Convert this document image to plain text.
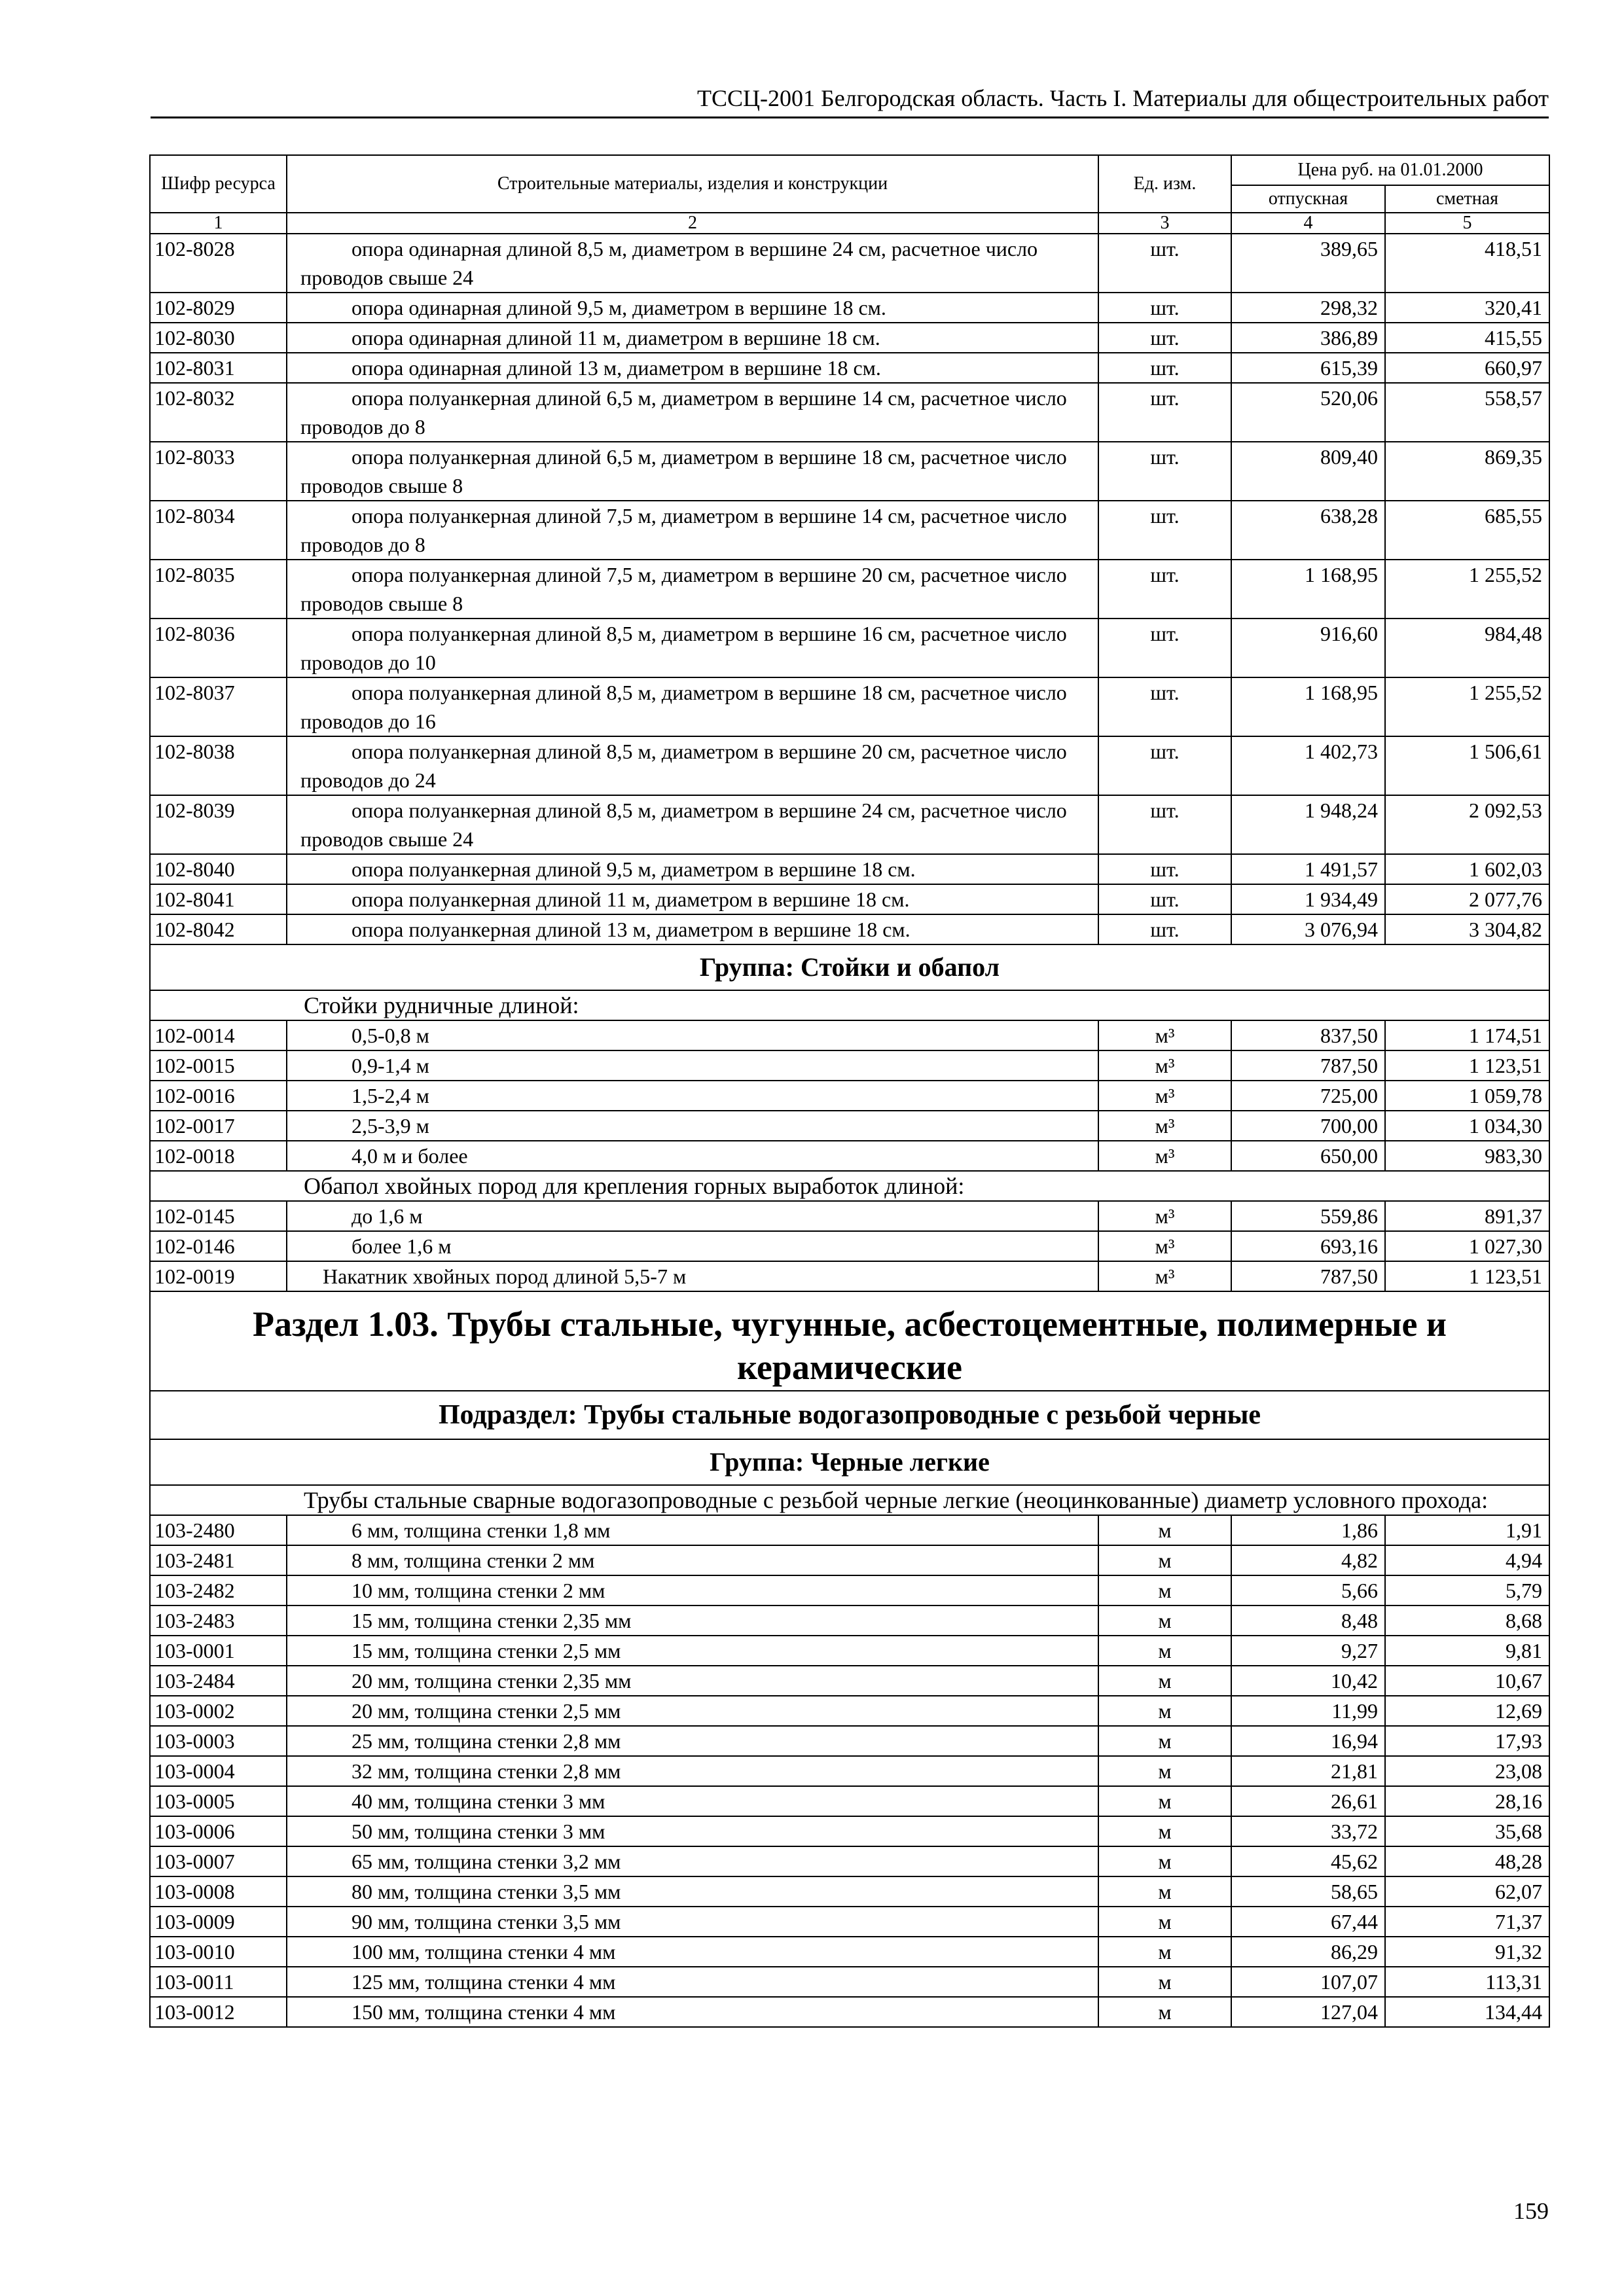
ТССЦ-2001 Белгородская область. Часть I. Материалы для общестроительных работ
Шифр ресурса	Строительные материалы, изделия и конструкции	Ед. изм.	Цена руб. на 01.01.2000	
			отпускная	сметная
1	2	3	4	5
102-8028	опора одинарная длиной 8,5 м, диаметром в вершине 24 см, расчетное число проводов свыше 24	шт.	389,65	418,51
102-8029	опора одинарная длиной 9,5 м, диаметром в вершине 18 см.	шт.	298,32	320,41
102-8030	опора одинарная длиной 11 м, диаметром в вершине 18 см.	шт.	386,89	415,55
102-8031	опора одинарная длиной 13 м, диаметром в вершине 18 см.	шт.	615,39	660,97
102-8032	опора полуанкерная длиной 6,5 м, диаметром в вершине 14 см, расчетное число проводов до 8	шт.	520,06	558,57
102-8033	опора полуанкерная длиной 6,5 м, диаметром в вершине 18 см, расчетное число проводов свыше 8	шт.	809,40	869,35
102-8034	опора полуанкерная длиной 7,5 м, диаметром в вершине 14 см, расчетное число проводов до 8	шт.	638,28	685,55
102-8035	опора полуанкерная длиной 7,5 м, диаметром в вершине 20 см, расчетное число проводов свыше 8	шт.	1 168,95	1 255,52
102-8036	опора полуанкерная длиной 8,5 м, диаметром в вершине 16 см, расчетное число проводов до 10	шт.	916,60	984,48
102-8037	опора полуанкерная длиной 8,5 м, диаметром в вершине 18 см, расчетное число проводов до 16	шт.	1 168,95	1 255,52
102-8038	опора полуанкерная длиной 8,5 м, диаметром в вершине 20 см, расчетное число проводов до 24	шт.	1 402,73	1 506,61
102-8039	опора полуанкерная длиной 8,5 м, диаметром в вершине 24 см, расчетное число проводов свыше 24	шт.	1 948,24	2 092,53
102-8040	опора полуанкерная длиной 9,5 м, диаметром в вершине 18 см.	шт.	1 491,57	1 602,03
102-8041	опора полуанкерная длиной 11 м, диаметром в вершине 18 см.	шт.	1 934,49	2 077,76
102-8042	опора полуанкерная длиной 13 м, диаметром в вершине 18 см.	шт.	3 076,94	3 304,82
Группа: Стойки и обапол				
Стойки рудничные длиной:				
102-0014	0,5-0,8 м	м³	837,50	1 174,51
102-0015	0,9-1,4 м	м³	787,50	1 123,51
102-0016	1,5-2,4 м	м³	725,00	1 059,78
102-0017	2,5-3,9 м	м³	700,00	1 034,30
102-0018	4,0 м и более	м³	650,00	983,30
Обапол хвойных пород для крепления горных выработок длиной:				
102-0145	до 1,6 м	м³	559,86	891,37
102-0146	более 1,6 м	м³	693,16	1 027,30
102-0019	Накатник хвойных пород длиной 5,5-7 м	м³	787,50	1 123,51
Раздел 1.03. Трубы стальные, чугунные, асбестоцементные, полимерные и керамические				
Подраздел: Трубы стальные водогазопроводные с резьбой черные				
Группа: Черные легкие				
Трубы стальные сварные водогазопроводные с резьбой черные легкие (неоцинкованные) диаметр условного прохода:				
103-2480	6 мм, толщина стенки 1,8 мм	м	1,86	1,91
103-2481	8 мм, толщина стенки 2 мм	м	4,82	4,94
103-2482	10 мм, толщина стенки 2 мм	м	5,66	5,79
103-2483	15 мм, толщина стенки 2,35 мм	м	8,48	8,68
103-0001	15 мм, толщина стенки 2,5 мм	м	9,27	9,81
103-2484	20 мм, толщина стенки 2,35 мм	м	10,42	10,67
103-0002	20 мм, толщина стенки 2,5 мм	м	11,99	12,69
103-0003	25 мм, толщина стенки 2,8 мм	м	16,94	17,93
103-0004	32 мм, толщина стенки 2,8 мм	м	21,81	23,08
103-0005	40 мм, толщина стенки 3 мм	м	26,61	28,16
103-0006	50 мм, толщина стенки 3 мм	м	33,72	35,68
103-0007	65 мм, толщина стенки 3,2 мм	м	45,62	48,28
103-0008	80 мм, толщина стенки 3,5 мм	м	58,65	62,07
103-0009	90 мм, толщина стенки 3,5 мм	м	67,44	71,37
103-0010	100 мм, толщина стенки 4 мм	м	86,29	91,32
103-0011	125 мм, толщина стенки 4 мм	м	107,07	113,31
103-0012	150 мм, толщина стенки 4 мм	м	127,04	134,44
159
